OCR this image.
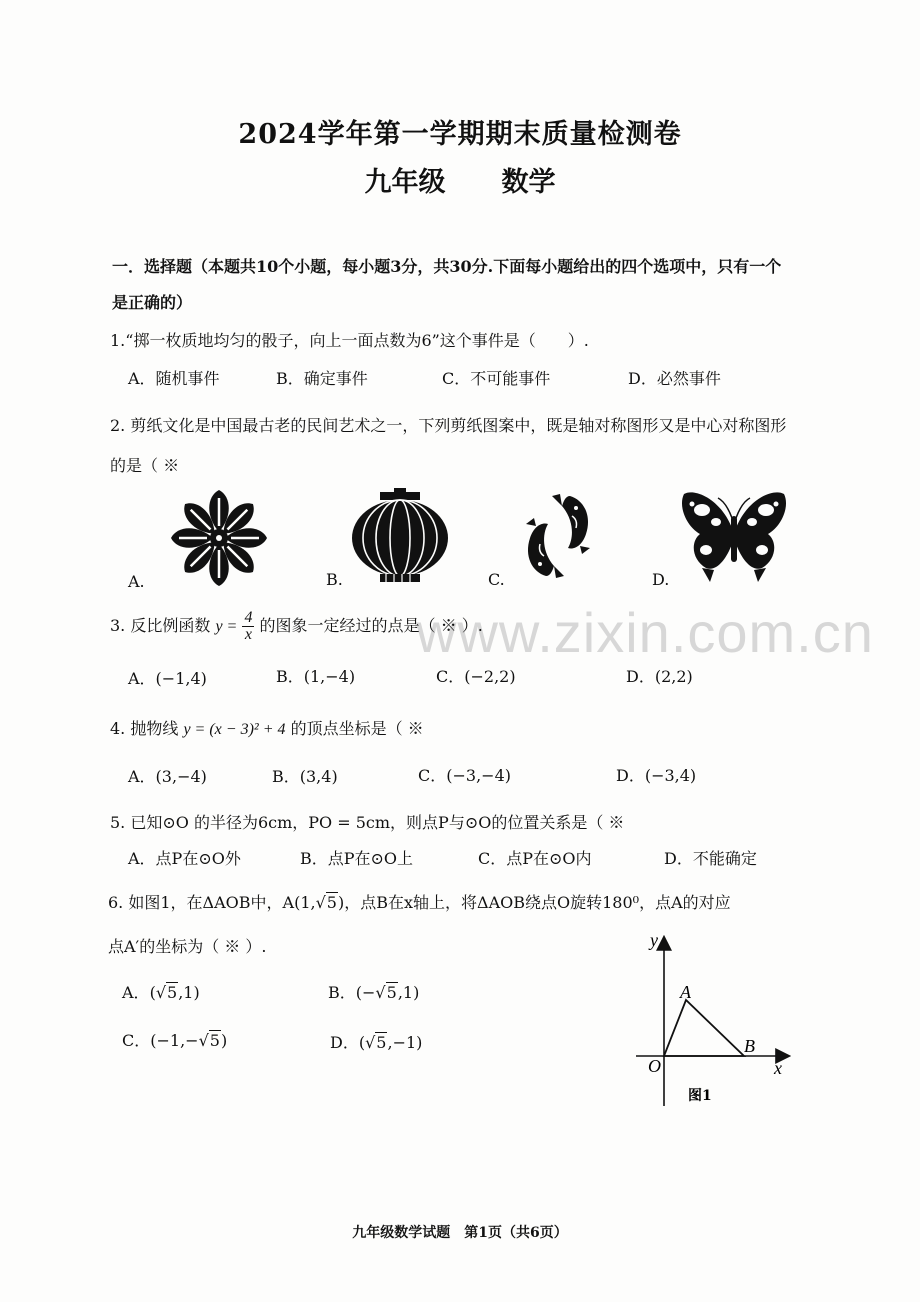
2024学年第一学期期末质量检测卷
九年级 数学
一．选择题（本题共10个小题，每小题3分，共30分.下面每小题给出的四个选项中，只有一个
是正确的）
1.“掷一枚质地均匀的骰子，向上一面点数为6”这个事件是（　　）.
A．随机事件	B．确定事件	C．不可能事件	D．必然事件
2. 剪纸文化是中国最古老的民间艺术之一，下列剪纸图案中，既是轴对称图形又是中心对称图形
的是（ ※
A.	B.	C.	D.
www.zixin.com.cn
3. 反比例函数 $y = \frac{4}{x}$ 的图象一定经过的点是（ ※ ）.
A．(−1,4)	B．(1,−4)	C．(−2,2)	D．(2,2)
4. 抛物线 y = (x − 3)² + 4 的顶点坐标是（ ※
A．(3,−4)	B．(3,4)	C．(−3,−4)	D．(−3,4)
5. 已知⊙O 的半径为6cm，PO = 5cm，则点P与⊙O的位置关系是（ ※
A．点P在⊙O外	B．点P在⊙O上	C．点P在⊙O内	D．不能确定
6. 如图1，在ΔAOB中，A(1,√5)，点B在x轴上，将ΔAOB绕点O旋转180⁰，点A的对应
点A′的坐标为（ ※ ）.
A．(√5,1)	B．(−√5,1)
C．(−1,−√5)	D．(√5,−1)
y
x
O
A
B
图1
九年级数学试题　第1页（共6页）
